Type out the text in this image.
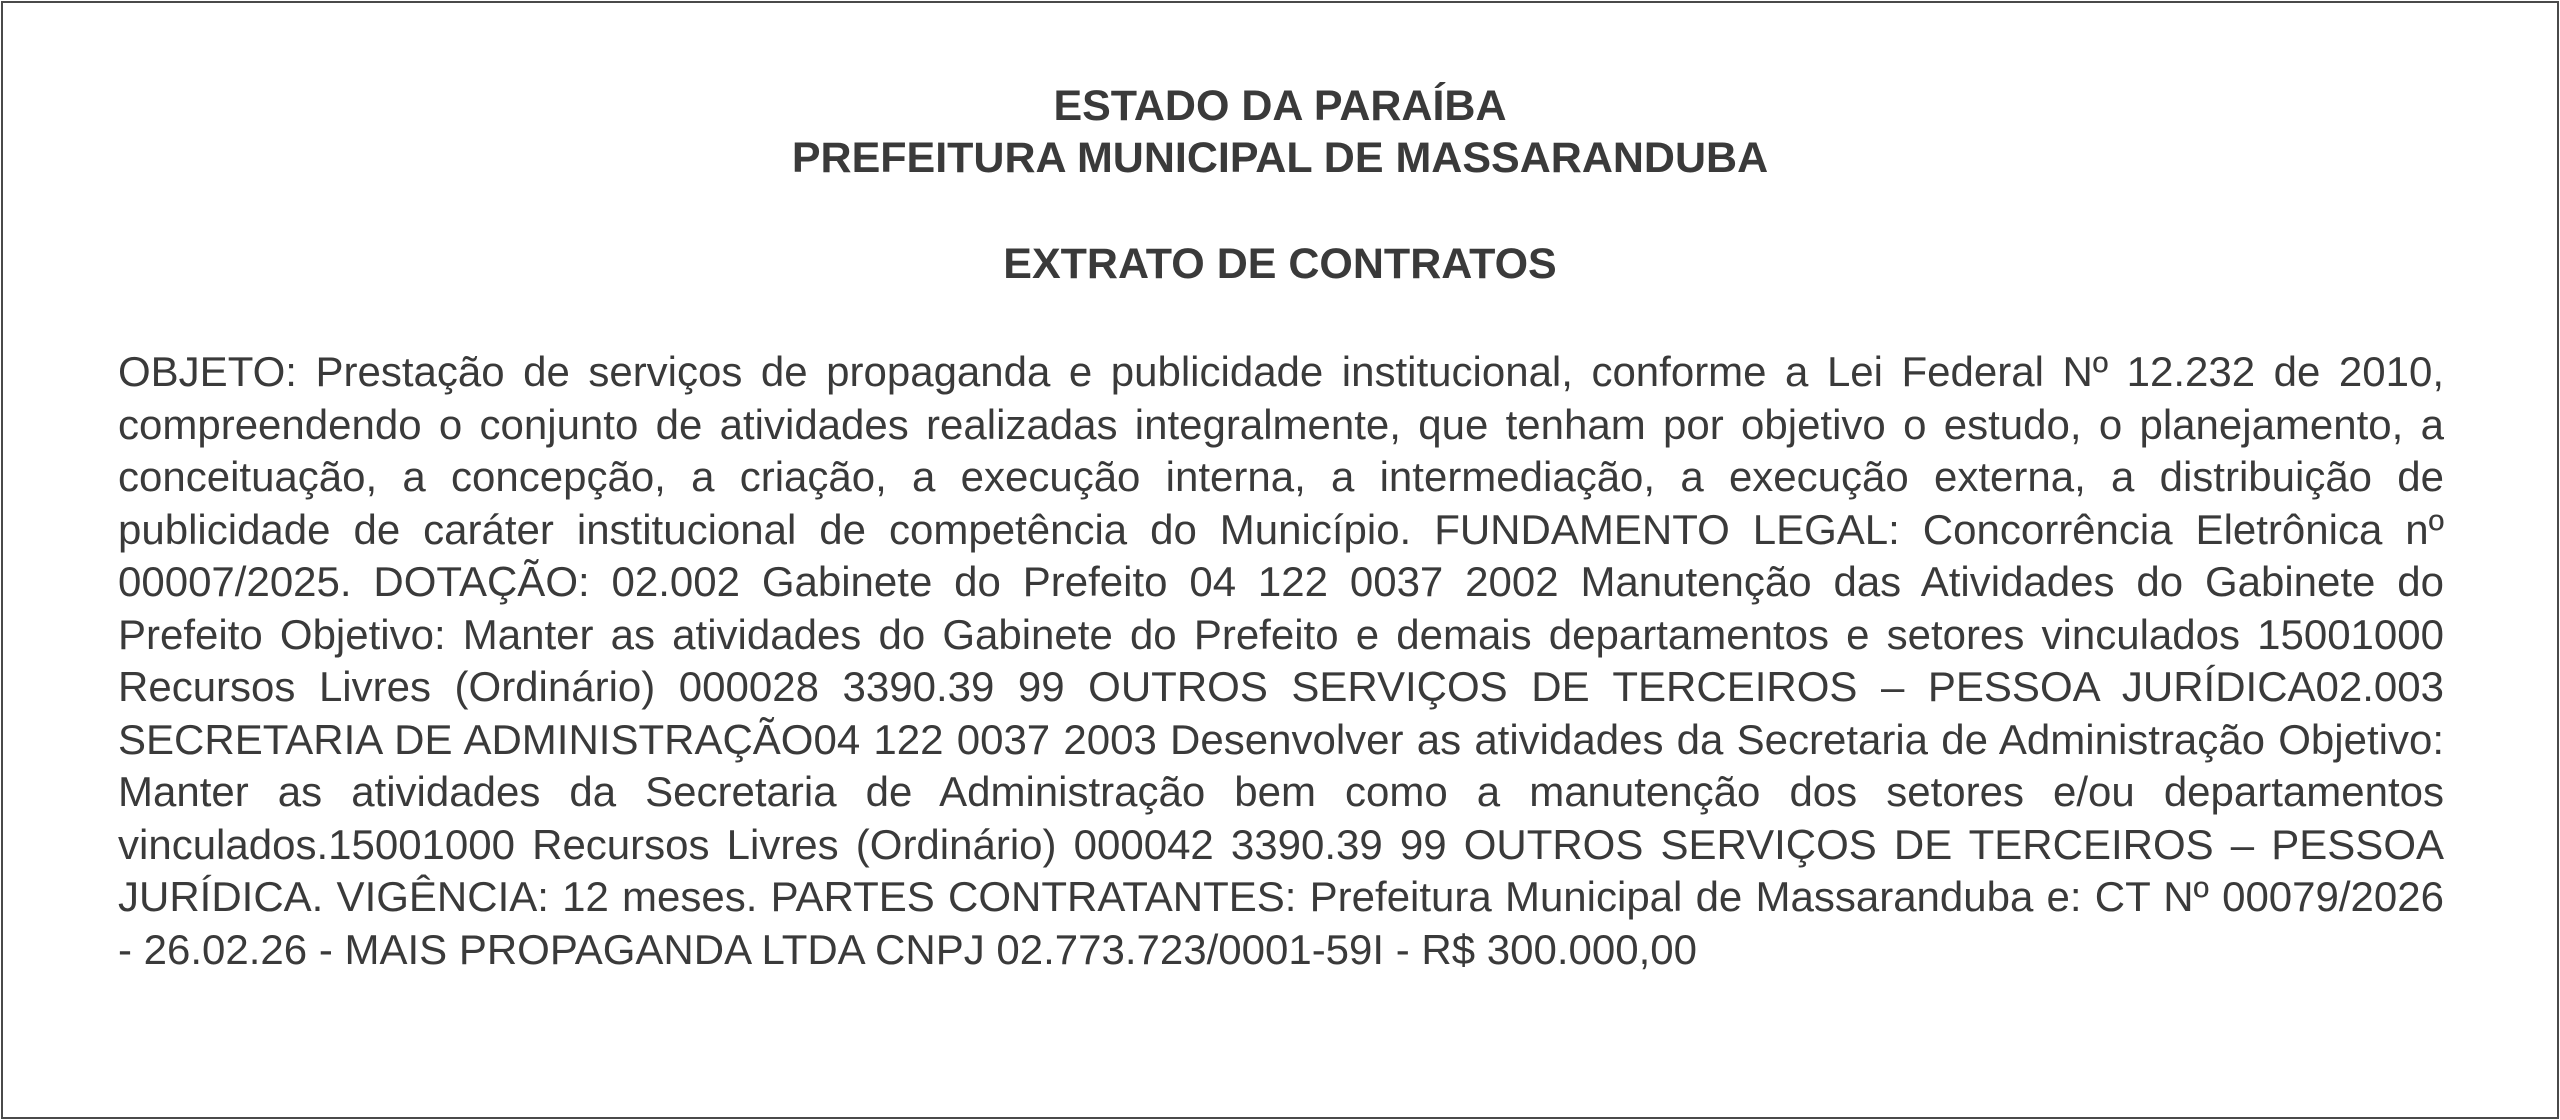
ESTADO DA PARAÍBA
PREFEITURA MUNICIPAL DE MASSARANDUBA
EXTRATO DE CONTRATOS

OBJETO: Prestação de serviços de propaganda e publicidade institucional, conforme a Lei Federal Nº 12.232 de 2010, compreendendo o conjunto de atividades realizadas integralmente, que tenham por objetivo o estudo, o planejamento, a conceituação, a concepção, a criação, a execução interna, a intermediação, a execução externa, a distribuição de publicidade de caráter institucional de competência do Município. FUNDAMENTO LEGAL: Concorrência Eletrônica nº 00007/2025. DOTAÇÃO: 02.002 Gabinete do Prefeito 04 122 0037 2002 Manutenção das Atividades do Gabinete do Prefeito Objetivo: Manter as atividades do Gabinete do Prefeito e demais departamentos e setores vinculados 15001000 Recursos Livres (Ordinário) 000028 3390.39 99 OUTROS SERVIÇOS DE TERCEIROS – PESSOA JURÍDICA02.003 SECRETARIA DE ADMINISTRAÇÃO04 122 0037 2003 Desenvolver as atividades da Secretaria de Administração Objetivo: Manter as atividades da Secretaria de Administração bem como a manutenção dos setores e/ou departamentos vinculados.15001000 Recursos Livres (Ordinário) 000042 3390.39 99 OUTROS SERVIÇOS DE TERCEIROS – PESSOA JURÍDICA. VIGÊNCIA: 12 meses. PARTES CONTRATANTES: Prefeitura Municipal de Massaranduba e: CT Nº 00079/2026 - 26.02.26 - MAIS PROPAGANDA LTDA CNPJ 02.773.723/0001-59I - R$ 300.000,00
